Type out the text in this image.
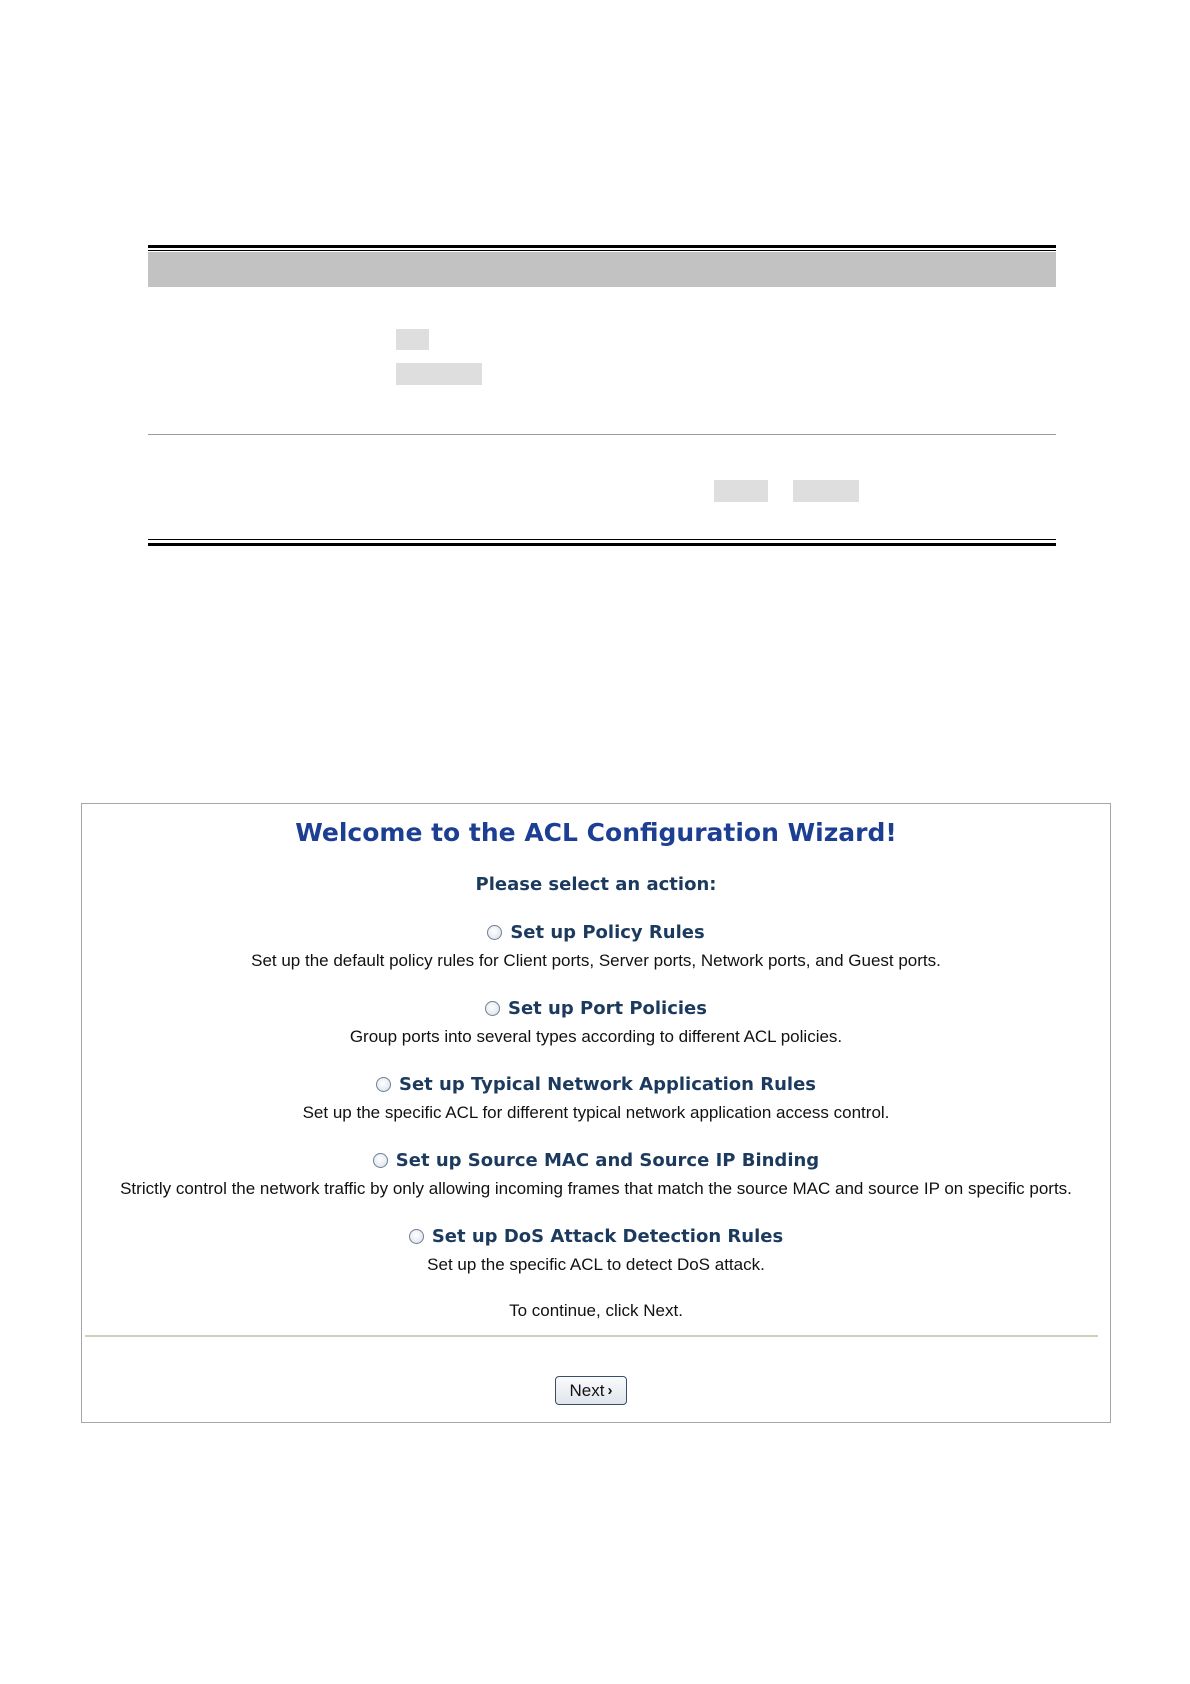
Welcome to the ACL Configuration Wizard!
Please select an action:
Set up Policy Rules
Set up the default policy rules for Client ports, Server ports, Network ports, and Guest ports.
Set up Port Policies
Group ports into several types according to different ACL policies.
Set up Typical Network Application Rules
Set up the specific ACL for different typical network application access control.
Set up Source MAC and Source IP Binding
Strictly control the network traffic by only allowing incoming frames that match the source MAC and source IP on specific ports.
Set up DoS Attack Detection Rules
Set up the specific ACL to detect DoS attack.
To continue, click Next.
Next ›
